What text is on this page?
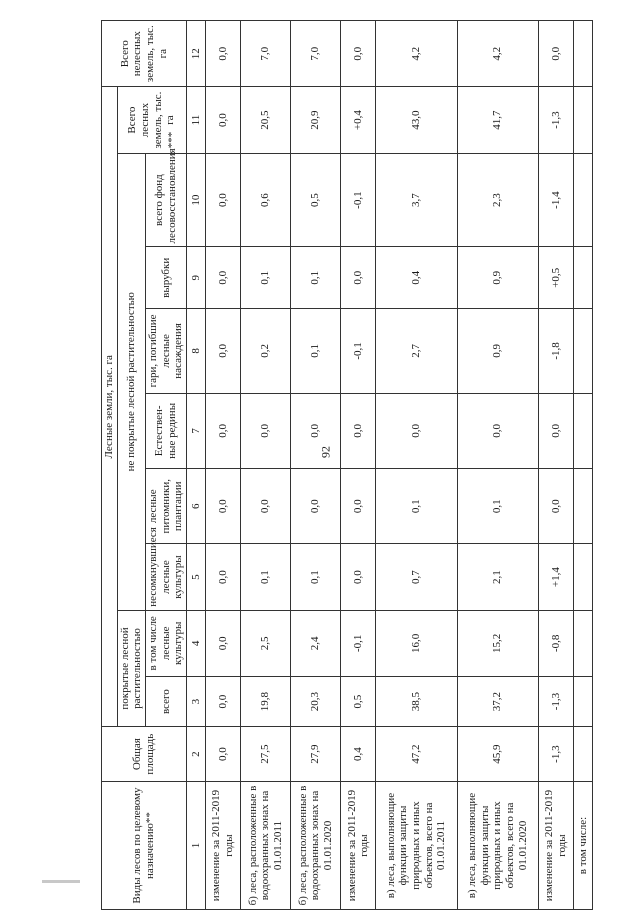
92
Виды лесов по целевому назначению**	Общая площадь	Лесные земли, тыс. га									Всего нелесных земель, тыс. га
		покрытые лесной растительностью		не покрытые лесной растительностью						Всего лесных земель, тыс. га	
		всего	в том числе лесные культуры	несомкнувшиеся лесные культуры	лесные питомники, плантации	Естествен-ные редины	гари, погибшие лесные насаждения	вырубки	всего фонд лесовосстановления***		
1	2	3	4	5	6	7	8	9	10	11	12
изменение за 2011-2019 годы	0,0	0,0	0,0	0,0	0,0	0,0	0,0	0,0	0,0	0,0	0,0
б) леса, расположенные в водоохранных зонах на 01.01.2011	27,5	19,8	2,5	0,1	0,0	0,0	0,2	0,1	0,6	20,5	7,0
б) леса, расположенные в водоохранных зонах на 01.01.2020	27,9	20,3	2,4	0,1	0,0	0,0	0,1	0,1	0,5	20,9	7,0
изменение за 2011-2019 годы	0,4	0,5	-0,1	0,0	0,0	0,0	-0,1	0,0	-0,1	+0,4	0,0
в) леса, выполняющие функции защиты природных и иных объектов, всего на 01.01.2011	47,2	38,5	16,0	0,7	0,1	0,0	2,7	0,4	3,7	43,0	4,2
в) леса, выполняющие функции защиты природных и иных объектов, всего на 01.01.2020	45,9	37,2	15,2	2,1	0,1	0,0	0,9	0,9	2,3	41,7	4,2
изменение за 2011-2019 годы	-1,3	-1,3	-0,8	+1,4	0,0	0,0	-1,8	+0,5	-1,4	-1,3	0,0
в том числе:											
